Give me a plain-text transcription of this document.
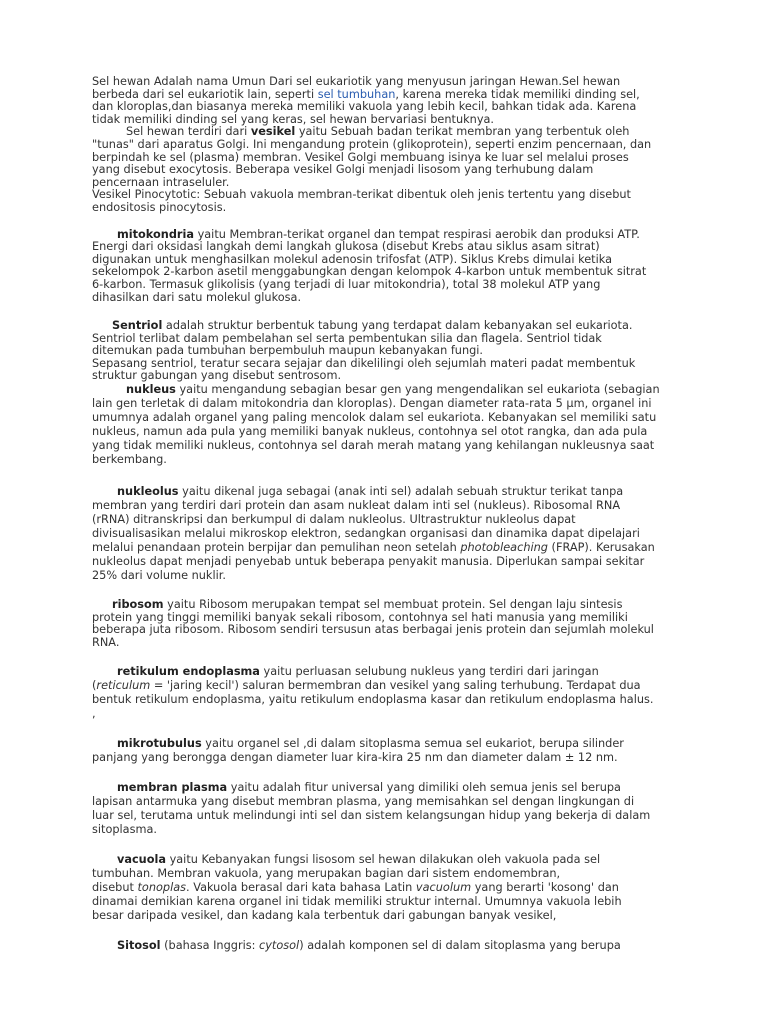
Sel hewan Adalah nama Umun Dari sel eukariotik yang menyusun jaringan Hewan.Sel hewan
berbeda dari sel eukariotik lain, seperti sel tumbuhan, karena mereka tidak memiliki dinding sel,
dan kloroplas,dan biasanya mereka memiliki vakuola yang lebih kecil, bahkan tidak ada. Karena
tidak memiliki dinding sel yang keras, sel hewan bervariasi bentuknya.
Sel hewan terdiri dari vesikel yaitu Sebuah badan terikat membran yang terbentuk oleh
"tunas" dari aparatus Golgi. Ini mengandung protein (glikoprotein), seperti enzim pencernaan, dan
berpindah ke sel (plasma) membran. Vesikel Golgi membuang isinya ke luar sel melalui proses
yang disebut exocytosis. Beberapa vesikel Golgi menjadi lisosom yang terhubung dalam
pencernaan intraseluler.
Vesikel Pinocytotic: Sebuah vakuola membran-terikat dibentuk oleh jenis tertentu yang disebut
endositosis pinocytosis.
mitokondria yaitu Membran-terikat organel dan tempat respirasi aerobik dan produksi ATP.
Energi dari oksidasi langkah demi langkah glukosa (disebut Krebs atau siklus asam sitrat)
digunakan untuk menghasilkan molekul adenosin trifosfat (ATP). Siklus Krebs dimulai ketika
sekelompok 2-karbon asetil menggabungkan dengan kelompok 4-karbon untuk membentuk sitrat
6-karbon. Termasuk glikolisis (yang terjadi di luar mitokondria), total 38 molekul ATP yang
dihasilkan dari satu molekul glukosa.
Sentriol adalah struktur berbentuk tabung yang terdapat dalam kebanyakan sel eukariota.
Sentriol terlibat dalam pembelahan sel serta pembentukan silia dan flagela. Sentriol tidak
ditemukan pada tumbuhan berpembuluh maupun kebanyakan fungi.
Sepasang sentriol, teratur secara sejajar dan dikelilingi oleh sejumlah materi padat membentuk
struktur gabungan yang disebut sentrosom.
nukleus yaitu mengandung sebagian besar gen yang mengendalikan sel eukariota (sebagian
lain gen terletak di dalam mitokondria dan kloroplas). Dengan diameter rata-rata 5 μm, organel ini
umumnya adalah organel yang paling mencolok dalam sel eukariota. Kebanyakan sel memiliki satu
nukleus, namun ada pula yang memiliki banyak nukleus, contohnya sel otot rangka, dan ada pula
yang tidak memiliki nukleus, contohnya sel darah merah matang yang kehilangan nukleusnya saat
berkembang.
nukleolus yaitu dikenal juga sebagai (anak inti sel) adalah sebuah struktur terikat tanpa
membran yang terdiri dari protein dan asam nukleat dalam inti sel (nukleus). Ribosomal RNA
(rRNA) ditranskripsi dan berkumpul di dalam nukleolus. Ultrastruktur nukleolus dapat
divisualisasikan melalui mikroskop elektron, sedangkan organisasi dan dinamika dapat dipelajari
melalui penandaan protein berpijar dan pemulihan neon setelah photobleaching (FRAP). Kerusakan
nukleolus dapat menjadi penyebab untuk beberapa penyakit manusia. Diperlukan sampai sekitar
25% dari volume nuklir.
ribosom yaitu Ribosom merupakan tempat sel membuat protein. Sel dengan laju sintesis
protein yang tinggi memiliki banyak sekali ribosom, contohnya sel hati manusia yang memiliki
beberapa juta ribosom. Ribosom sendiri tersusun atas berbagai jenis protein dan sejumlah molekul
RNA.
retikulum endoplasma yaitu perluasan selubung nukleus yang terdiri dari jaringan
(reticulum = 'jaring kecil') saluran bermembran dan vesikel yang saling terhubung. Terdapat dua
bentuk retikulum endoplasma, yaitu retikulum endoplasma kasar dan retikulum endoplasma halus.
,
mikrotubulus yaitu organel sel ,di dalam sitoplasma semua sel eukariot, berupa silinder
panjang yang berongga dengan diameter luar kira-kira 25 nm dan diameter dalam ± 12 nm.
membran plasma yaitu adalah fitur universal yang dimiliki oleh semua jenis sel berupa
lapisan antarmuka yang disebut membran plasma, yang memisahkan sel dengan lingkungan di
luar sel, terutama untuk melindungi inti sel dan sistem kelangsungan hidup yang bekerja di dalam
sitoplasma.
vacuola yaitu Kebanyakan fungsi lisosom sel hewan dilakukan oleh vakuola pada sel
tumbuhan. Membran vakuola, yang merupakan bagian dari sistem endomembran,
disebut tonoplas. Vakuola berasal dari kata bahasa Latin vacuolum yang berarti 'kosong' dan
dinamai demikian karena organel ini tidak memiliki struktur internal. Umumnya vakuola lebih
besar daripada vesikel, dan kadang kala terbentuk dari gabungan banyak vesikel,
Sitosol (bahasa Inggris: cytosol) adalah komponen sel di dalam sitoplasma yang berupa
